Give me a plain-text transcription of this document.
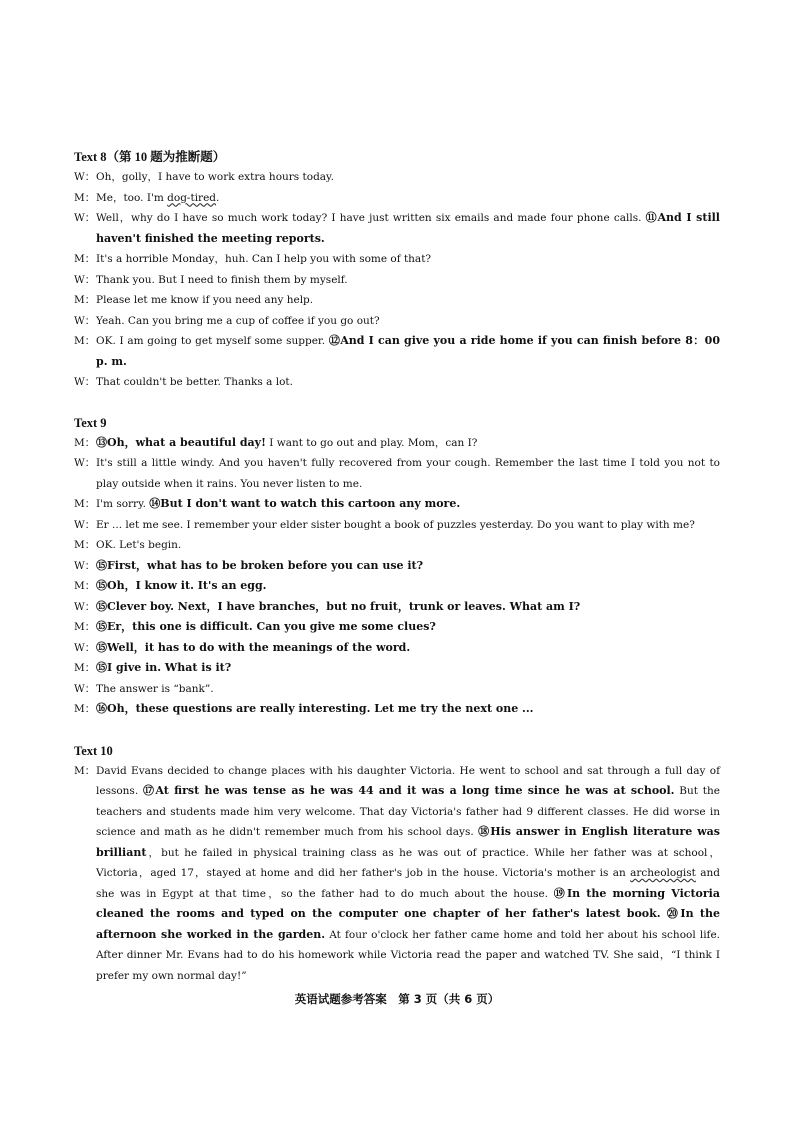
Text 8（第 10 题为推断题）
W： Oh，golly，I have to work extra hours today.
M： Me，too. I'm dog-tired.
W： Well，why do I have so much work today? I have just written six emails and made four phone calls. ⑪And I still haven't finished the meeting reports.
M： It's a horrible Monday，huh. Can I help you with some of that?
W： Thank you. But I need to finish them by myself.
M： Please let me know if you need any help.
W： Yeah. Can you bring me a cup of coffee if you go out?
M： OK. I am going to get myself some supper. ⑫And I can give you a ride home if you can finish before 8：00 p. m.
W： That couldn't be better. Thanks a lot.
Text 9
M： ⑬Oh，what a beautiful day! I want to go out and play. Mom，can I?
W： It's still a little windy. And you haven't fully recovered from your cough. Remember the last time I told you not to play outside when it rains. You never listen to me.
M： I'm sorry. ⑭But I don't want to watch this cartoon any more.
W： Er ... let me see. I remember your elder sister bought a book of puzzles yesterday. Do you want to play with me?
M： OK. Let's begin.
W： ⑮First，what has to be broken before you can use it?
M： ⑮Oh，I know it. It's an egg.
W： ⑮Clever boy. Next，I have branches，but no fruit，trunk or leaves. What am I?
M： ⑮Er，this one is difficult. Can you give me some clues?
W： ⑮Well，it has to do with the meanings of the word.
M： ⑮I give in. What is it?
W： The answer is “bank”.
M： ⑯Oh，these questions are really interesting. Let me try the next one ...
Text 10
M： David Evans decided to change places with his daughter Victoria. He went to school and sat through a full day of lessons. ⑰At first he was tense as he was 44 and it was a long time since he was at school. But the teachers and students made him very welcome. That day Victoria's father had 9 different classes. He did worse in science and math as he didn't remember much from his school days. ⑱His answer in English literature was brilliant，but he failed in physical training class as he was out of practice. While her father was at school，Victoria，aged 17，stayed at home and did her father's job in the house. Victoria's mother is an archeologist and she was in Egypt at that time，so the father had to do much about the house. ⑲In the morning Victoria cleaned the rooms and typed on the computer one chapter of her father's latest book. ⑳In the afternoon she worked in the garden. At four o'clock her father came home and told her about his school life. After dinner Mr. Evans had to do his homework while Victoria read the paper and watched TV. She said，“I think I prefer my own normal day!”
英语试题参考答案　第 3 页（共 6 页）
